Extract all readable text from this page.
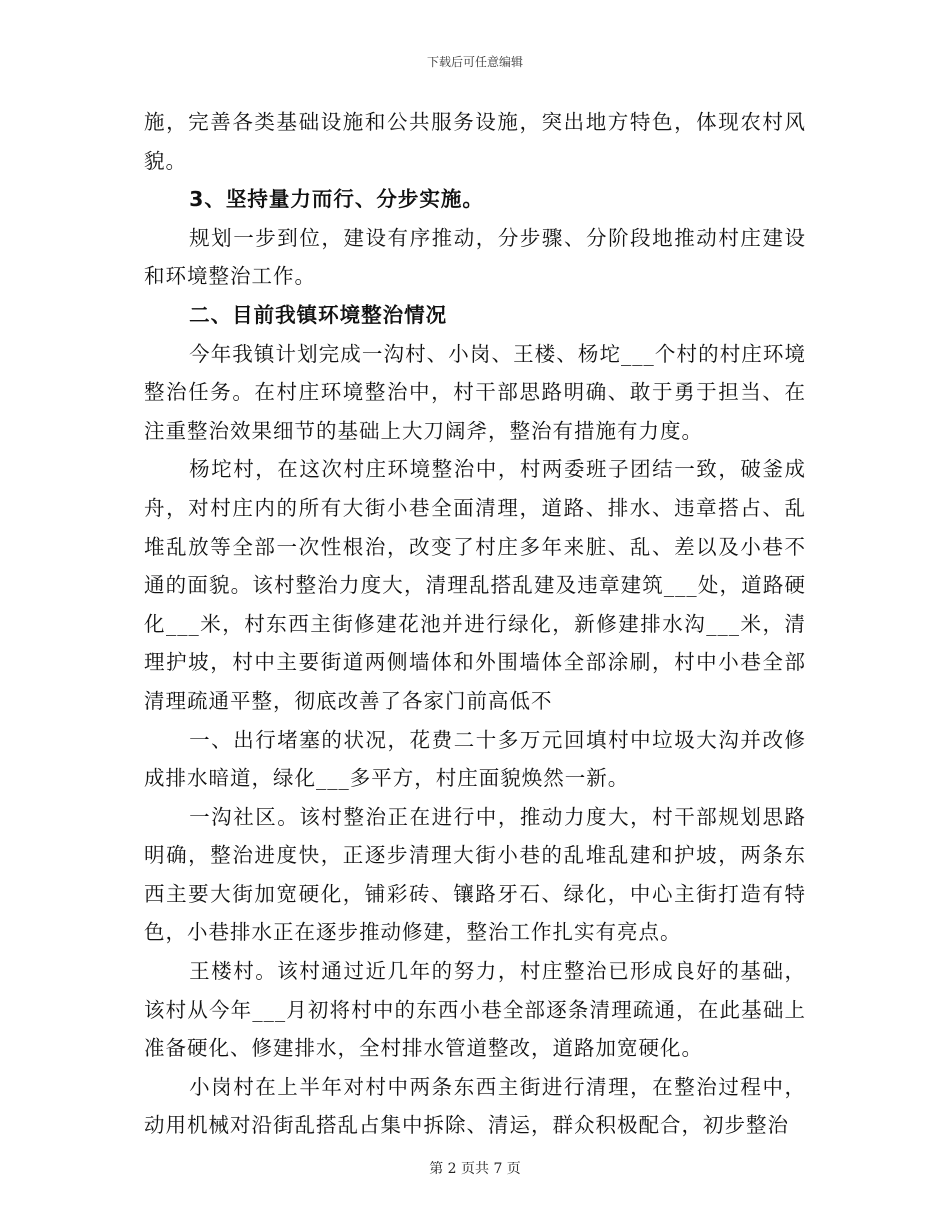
下载后可任意编辑

施，完善各类基础设施和公共服务设施，突出地方特色，体现农村风貌。

3、坚持量力而行、分步实施。

规划一步到位，建设有序推动，分步骤、分阶段地推动村庄建设和环境整治工作。

二、目前我镇环境整治情况

今年我镇计划完成一沟村、小岗、王楼、杨坨___个村的村庄环境整治任务。在村庄环境整治中，村干部思路明确、敢于勇于担当、在注重整治效果细节的基础上大刀阔斧，整治有措施有力度。

杨坨村，在这次村庄环境整治中，村两委班子团结一致，破釜成舟，对村庄内的所有大街小巷全面清理，道路、排水、违章搭占、乱堆乱放等全部一次性根治，改变了村庄多年来脏、乱、差以及小巷不通的面貌。该村整治力度大，清理乱搭乱建及违章建筑___处，道路硬化___米，村东西主街修建花池并进行绿化，新修建排水沟___米，清理护坡，村中主要街道两侧墙体和外围墙体全部涂刷，村中小巷全部清理疏通平整，彻底改善了各家门前高低不

一、出行堵塞的状况，花费二十多万元回填村中垃圾大沟并改修成排水暗道，绿化___多平方，村庄面貌焕然一新。

一沟社区。该村整治正在进行中，推动力度大，村干部规划思路明确，整治进度快，正逐步清理大街小巷的乱堆乱建和护坡，两条东西主要大街加宽硬化，铺彩砖、镶路牙石、绿化，中心主街打造有特色，小巷排水正在逐步推动修建，整治工作扎实有亮点。

王楼村。该村通过近几年的努力，村庄整治已形成良好的基础，该村从今年___月初将村中的东西小巷全部逐条清理疏通，在此基础上准备硬化、修建排水，全村排水管道整改，道路加宽硬化。

小岗村在上半年对村中两条东西主街进行清理，在整治过程中，动用机械对沿街乱搭乱占集中拆除、清运，群众积极配合，初步整治

第 2 页共 7 页
